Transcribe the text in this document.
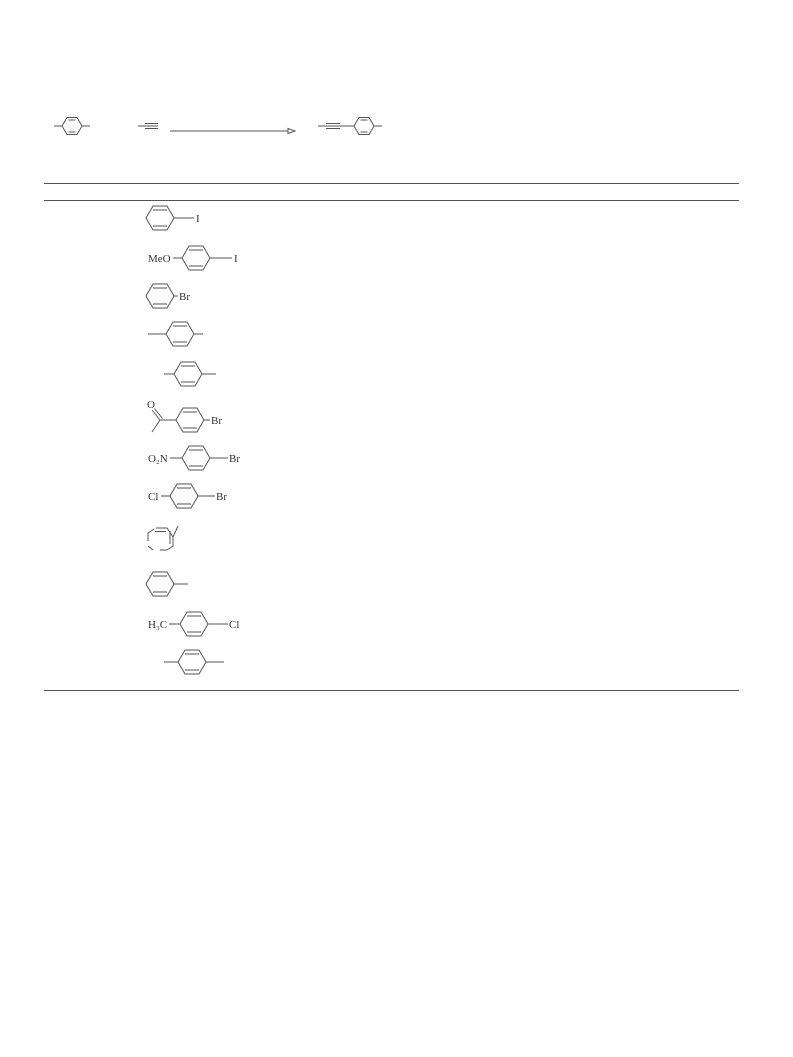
I
MeO	I
Br
O
Br
O₂N	Br
Cl	Br
H₃C	Cl
